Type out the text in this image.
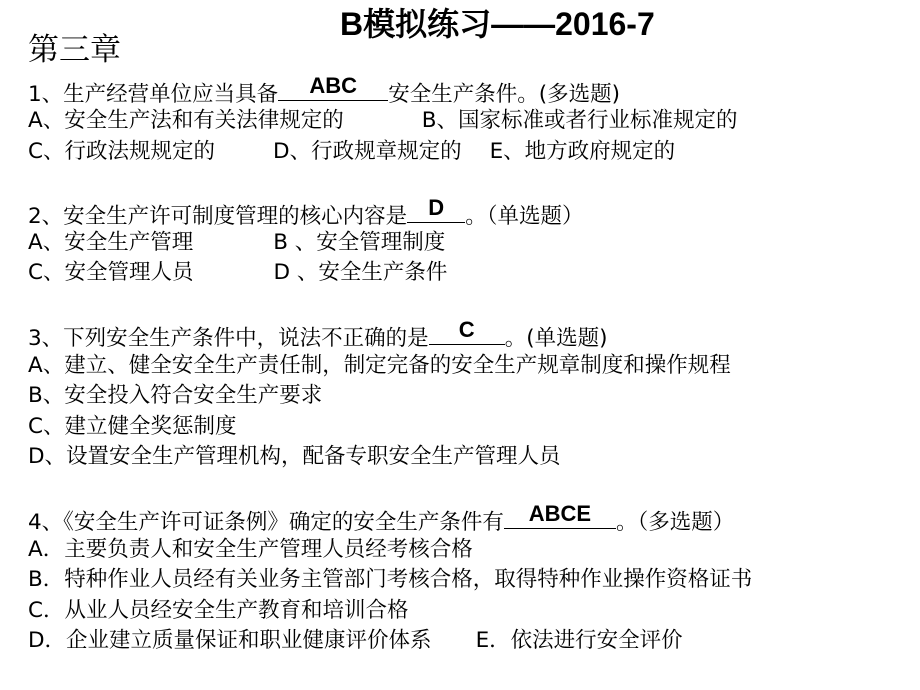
B模拟练习——2016-7
第三章
1、生产经营单位应当具备	ABC	安全生产条件。(多选题)
A、安全生产法和有关法律规定的	B、国家标准或者行业标准规定的
C、行政法规规定的	D、行政规章规定的 E、地方政府规定的
2、安全生产许可制度管理的核心内容是 D 。（单选题）
A、安全生产管理	B 、安全管理制度
C、安全管理人员	D 、安全生产条件
3、下列安全生产条件中，说法不正确的是	C	。(单选题)
A、建立、健全安全生产责任制，制定完备的安全生产规章制度和操作规程
B、安全投入符合安全生产要求
C、建立健全奖惩制度
D、设置安全生产管理机构，配备专职安全生产管理人员
4、《安全生产许可证条例》确定的安全生产条件有	ABCE	。（多选题）
A．主要负责人和安全生产管理人员经考核合格
B．特种作业人员经有关业务主管部门考核合格，取得特种作业操作资格证书
C．从业人员经安全生产教育和培训合格
D．企业建立质量保证和职业健康评价体系 E．依法进行安全评价
